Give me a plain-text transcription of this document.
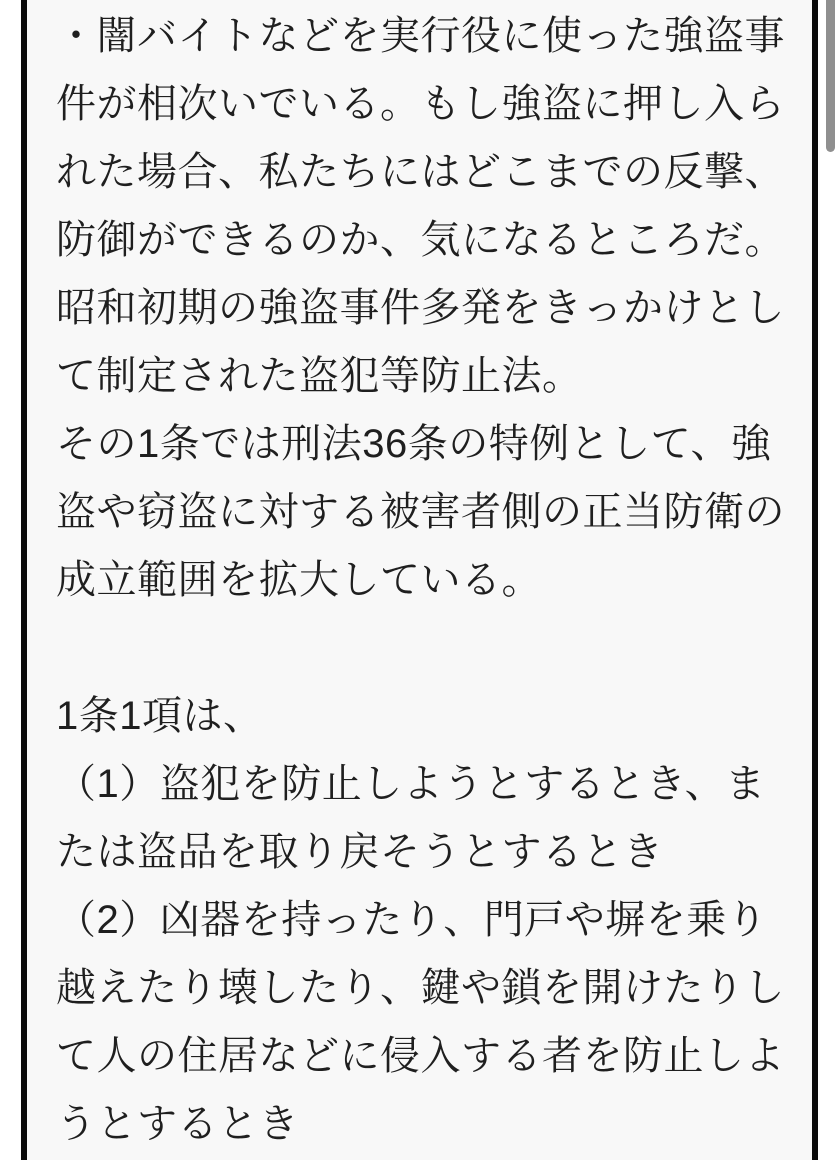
・闇バイトなどを実行役に使った強盗事
件が相次いでいる。もし強盗に押し入ら
れた場合、私たちにはどこまでの反撃、
防御ができるのか、気になるところだ。
昭和初期の強盗事件多発をきっかけとし
て制定された盗犯等防止法。
その1条では刑法36条の特例として、強
盗や窃盗に対する被害者側の正当防衛の
成立範囲を拡大している。

1条1項は、
（1）盗犯を防止しようとするとき、ま
たは盗品を取り戻そうとするとき
（2）凶器を持ったり、門戸や塀を乗り
越えたり壊したり、鍵や鎖を開けたりし
て人の住居などに侵入する者を防止しよ
うとするとき
